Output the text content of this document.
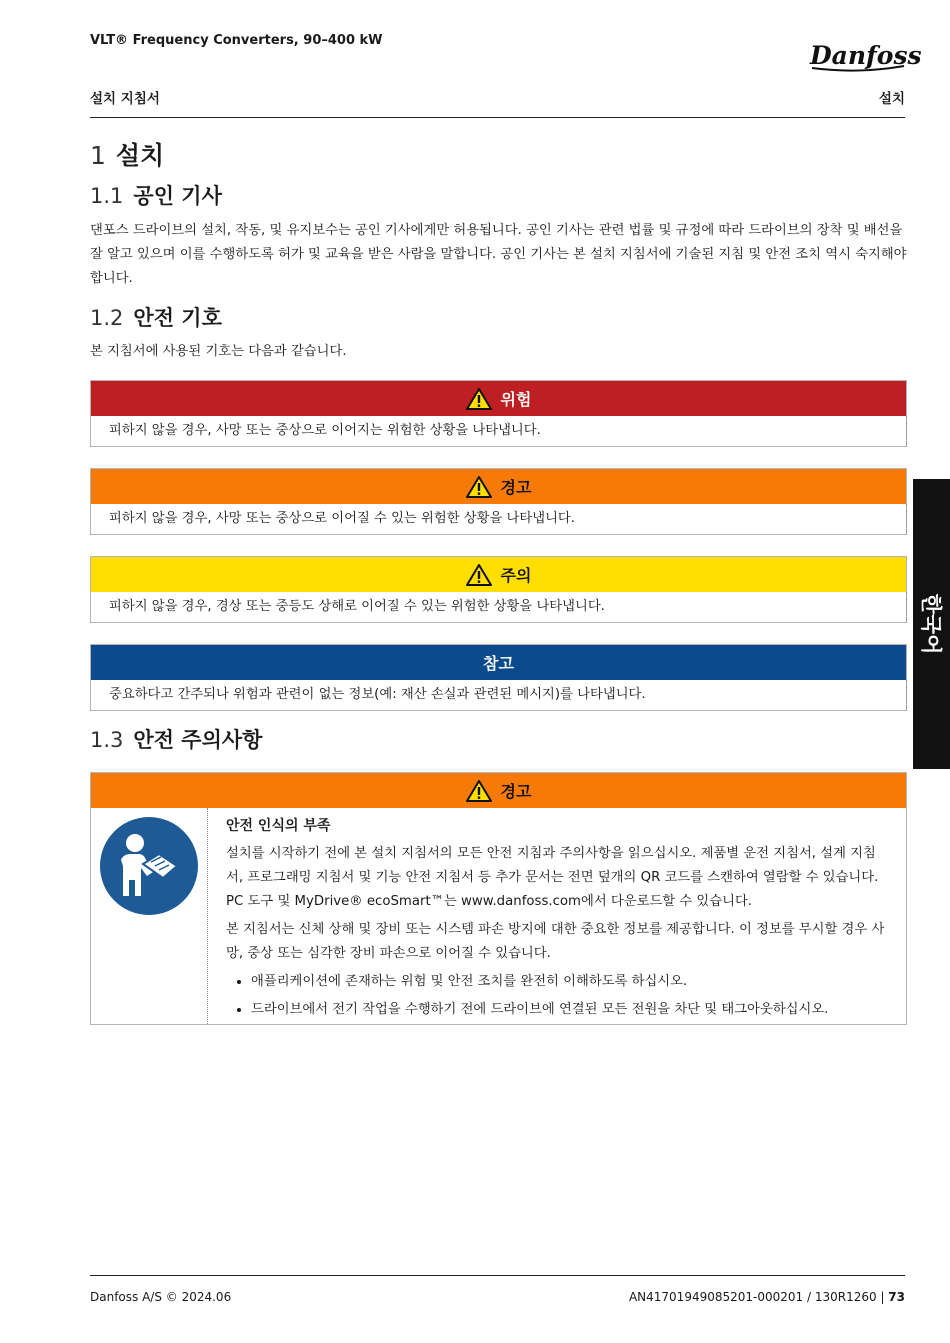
VLT® Frequency Converters, 90–400 kW
Danfoss
설치 지침서	설치
1 설치
1.1 공인 기사
댄포스 드라이브의 설치, 작동, 및 유지보수는 공인 기사에게만 허용됩니다. 공인 기사는 관련 법률 및 규정에 따라 드라이브의 장착 및 배선을 잘 알고 있으며 이를 수행하도록 허가 및 교육을 받은 사람을 말합니다. 공인 기사는 본 설치 지침서에 기술된 지침 및 안전 조치 역시 숙지해야 합니다.
1.2 안전 기호
본 지침서에 사용된 기호는 다음과 같습니다.
위험
피하지 않을 경우, 사망 또는 중상으로 이어지는 위험한 상황을 나타냅니다.
경고
피하지 않을 경우, 사망 또는 중상으로 이어질 수 있는 위험한 상황을 나타냅니다.
주의
피하지 않을 경우, 경상 또는 중등도 상해로 이어질 수 있는 위험한 상황을 나타냅니다.
참고
중요하다고 간주되나 위험과 관련이 없는 정보(예: 재산 손실과 관련된 메시지)를 나타냅니다.
1.3 안전 주의사항
경고
안전 인식의 부족

설치를 시작하기 전에 본 설치 지침서의 모든 안전 지침과 주의사항을 읽으십시오. 제품별 운전 지침서, 설계 지침서, 프로그래밍 지침서 및 기능 안전 지침서 등 추가 문서는 전면 덮개의 QR 코드를 스캔하여 열람할 수 있습니다. PC 도구 및 MyDrive® ecoSmart™는 www.danfoss.com에서 다운로드할 수 있습니다.

본 지침서는 신체 상해 및 장비 또는 시스템 파손 방지에 대한 중요한 정보를 제공합니다. 이 정보를 무시할 경우 사망, 중상 또는 심각한 장비 파손으로 이어질 수 있습니다.

• 애플리케이션에 존재하는 위험 및 안전 조치를 완전히 이해하도록 하십시오.
• 드라이브에서 전기 작업을 수행하기 전에 드라이브에 연결된 모든 전원을 차단 및 태그아웃하십시오.
한국어
Danfoss A/S © 2024.06	AN41701949085201-000201 / 130R1260 | 73
